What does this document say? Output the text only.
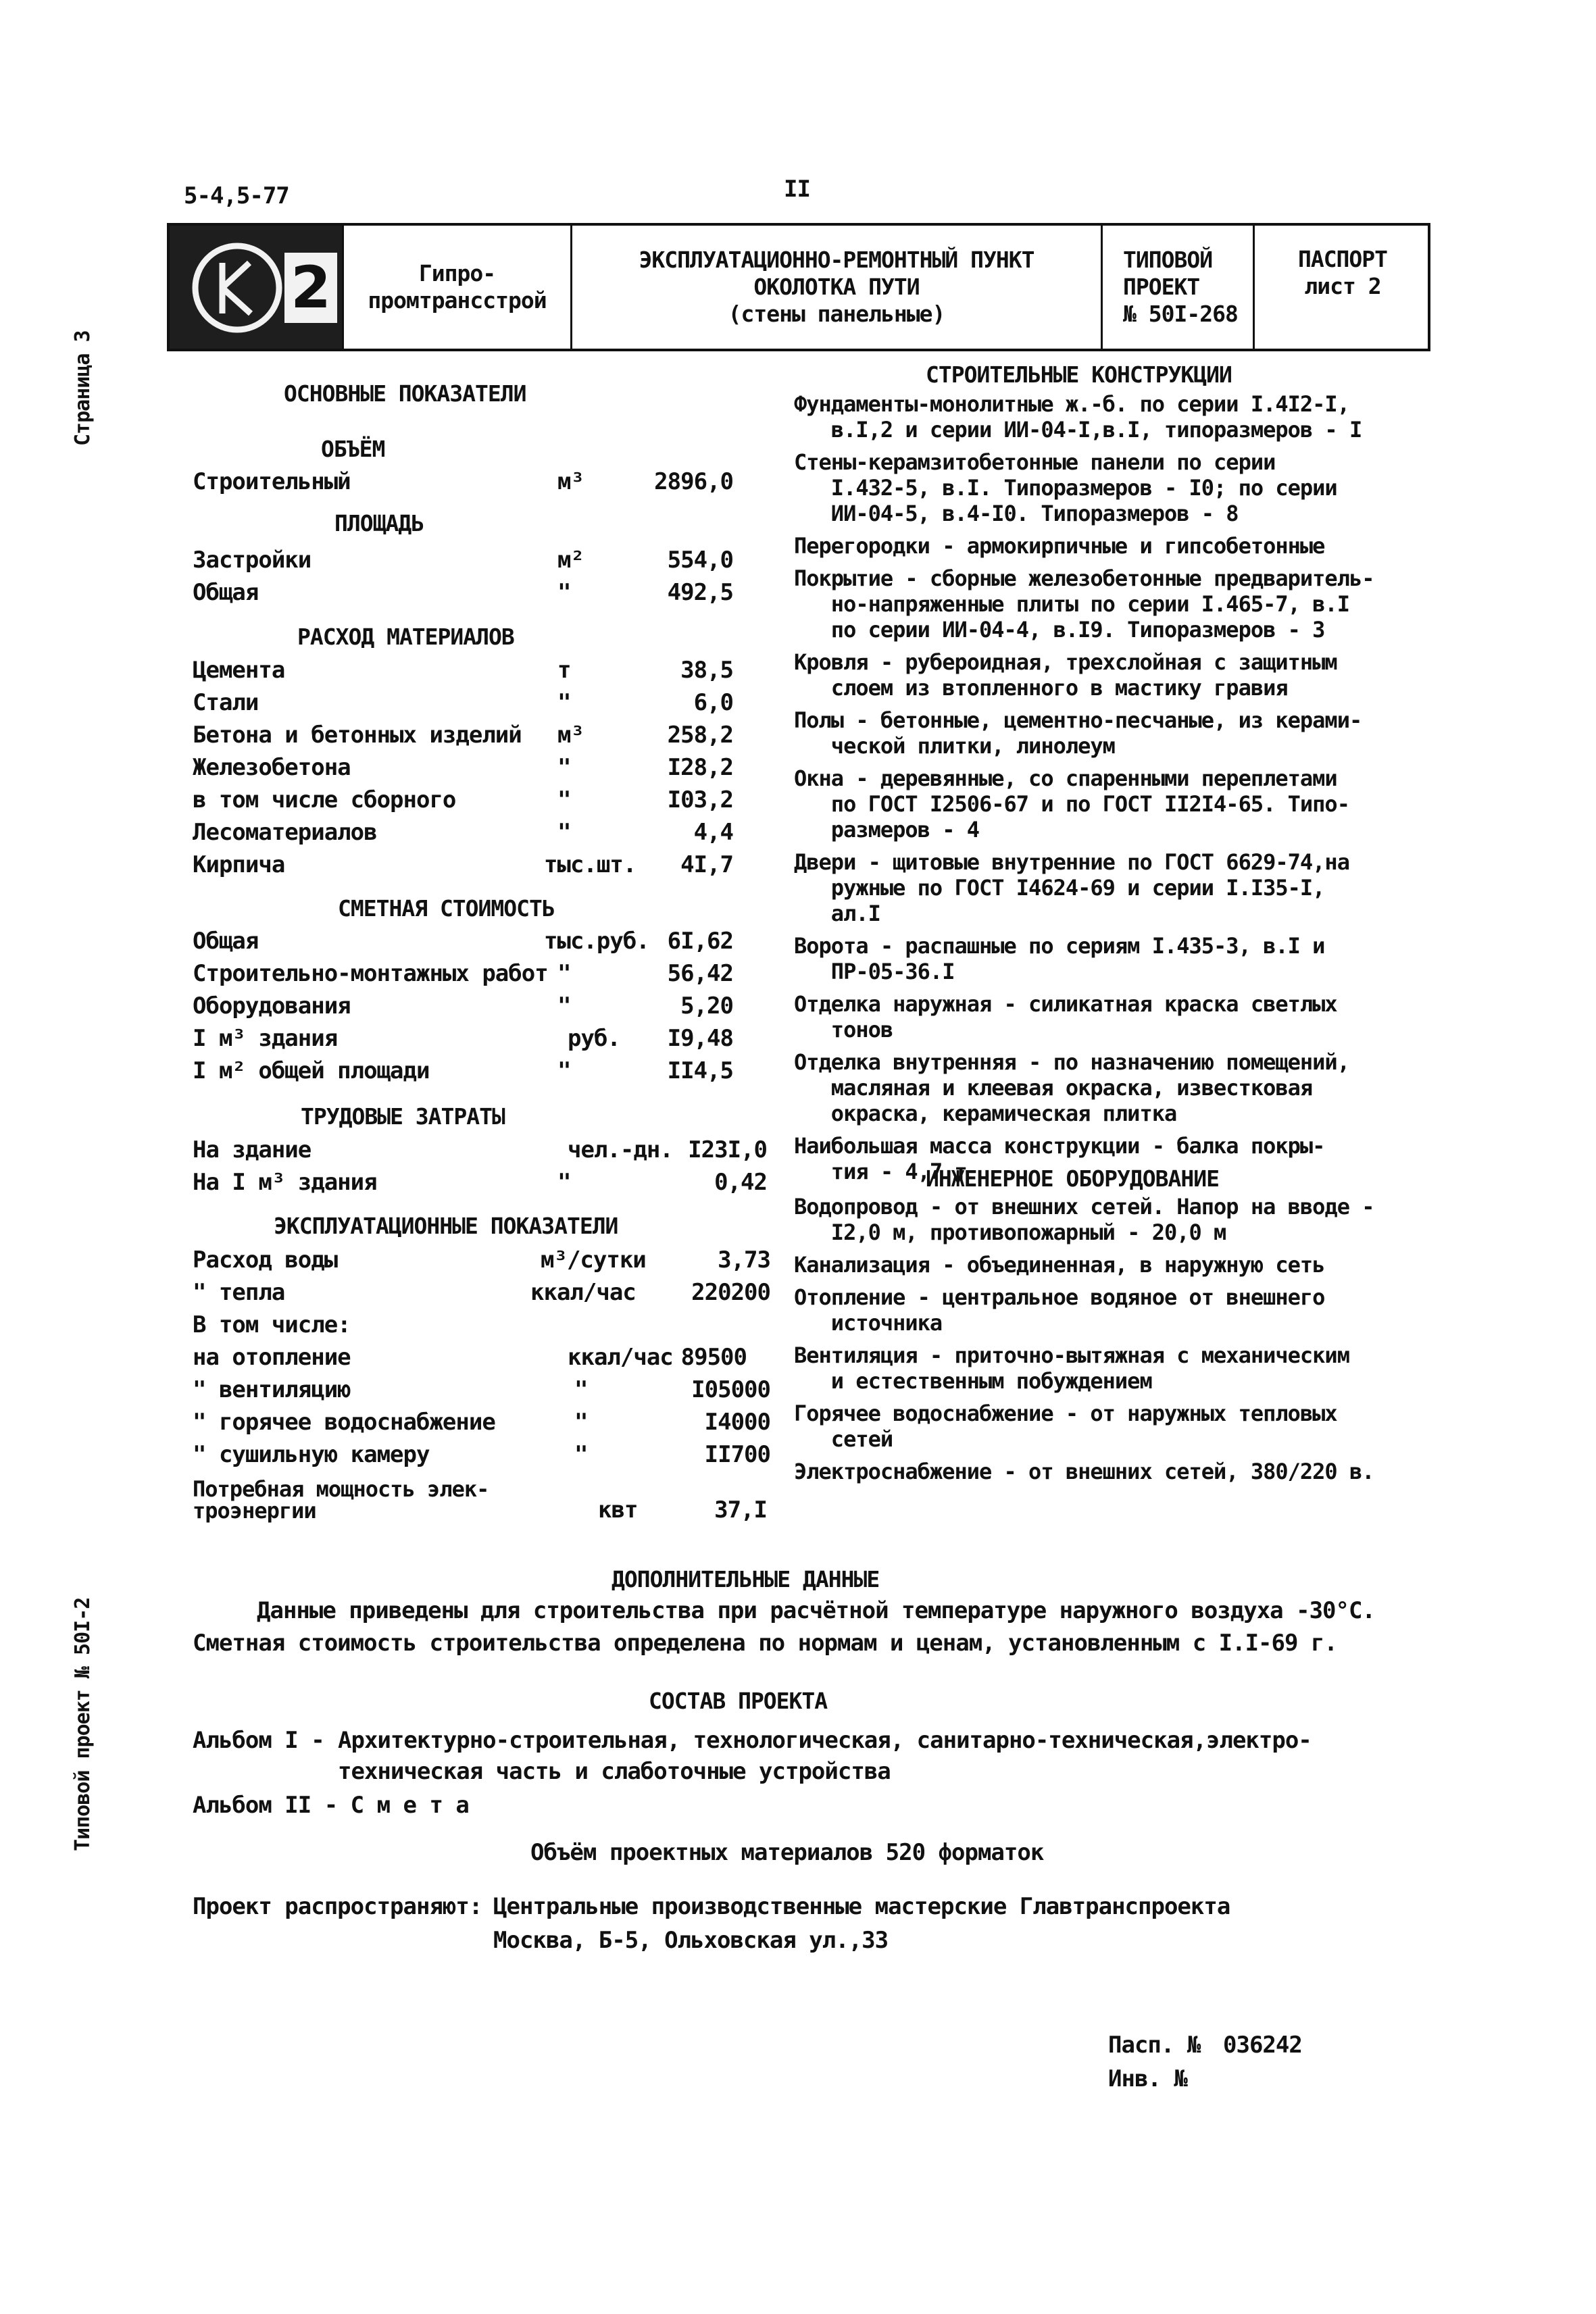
5-4,5-77	II
Страница 3
Типовой проект № 50I-2
2	Гипро-
промтрансстрой
ЭКСПЛУАТАЦИОННО-РЕМОНТНЫЙ ПУНКТ
ОКОЛОТКА ПУТИ
(стены панельные)
ТИПОВОЙ
ПРОЕКТ
№ 50I-268
ПАСПОРТ
лист 2
ОСНОВНЫЕ ПОКАЗАТЕЛИ
ОБЪЁМ
Строительный	м³	2896,0
ПЛОЩАДЬ
Застройки	м²	554,0
Общая	"	492,5
РАСХОД МАТЕРИАЛОВ
Цемента	т	38,5
Стали	"	6,0
Бетона и бетонных изделий м³	258,2
Железобетона	"	I28,2
в том числе сборного	"	I03,2
Лесоматериалов	"	4,4
Кирпича	тыс.шт.	4I,7
СМЕТНАЯ СТОИМОСТЬ
Общая	тыс.руб. 6I,62
Строительно-монтажных работ "	56,42
Оборудования	"	5,20
I м³ здания	руб.	I9,48
I м² общей площади	"	II4,5
ТРУДОВЫЕ ЗАТРАТЫ
На здание	чел.-дн. I23I,0
На I м³ здания	"	0,42
ЭКСПЛУАТАЦИОННЫЕ ПОКАЗАТЕЛИ
Расход воды	м³/сутки	3,73
" тепла	ккал/час	220200
В том числе:
на отопление	ккал/час 89500
" вентиляцию	"	I05000
" горячее водоснабжение	"	I4000
" сушильную камеру	"	II700
Потребная мощность элек-
троэнергии	квт	37,I
СТРОИТЕЛЬНЫЕ КОНСТРУКЦИИ
Фундаменты-монолитные ж.-б. по серии I.4I2-I,
в.I,2 и серии ИИ-04-I,в.I, типоразмеров - I
Стены-керамзитобетонные панели по серии
I.432-5, в.I. Типоразмеров - I0; по серии
ИИ-04-5, в.4-I0. Типоразмеров - 8
Перегородки - армокирпичные и гипсобетонные
Покрытие - сборные железобетонные предваритель-
но-напряженные плиты по серии I.465-7, в.I
по серии ИИ-04-4, в.I9. Типоразмеров - 3
Кровля - рубероидная, трехслойная с защитным
слоем из втопленного в мастику гравия
Полы - бетонные, цементно-песчаные, из керами-
ческой плитки, линолеум
Окна - деревянные, со спаренными переплетами
по ГОСТ I2506-67 и по ГОСТ II2I4-65. Типо-
размеров - 4
Двери - щитовые внутренние по ГОСТ 6629-74,на
ружные по ГОСТ I4624-69 и серии I.I35-I,
ал.I
Ворота - распашные по сериям I.435-3, в.I и
ПР-05-36.I
Отделка наружная - силикатная краска светлых
тонов
Отделка внутренняя - по назначению помещений,
масляная и клеевая окраска, известковая
окраска, керамическая плитка
Наибольшая масса конструкции - балка покры-
тия - 4,7 т
ИНЖЕНЕРНОЕ ОБОРУДОВАНИЕ
Водопровод - от внешних сетей. Напор на вводе -
I2,0 м, противопожарный - 20,0 м
Канализация - объединенная, в наружную сеть
Отопление - центральное водяное от внешнего
источника
Вентиляция - приточно-вытяжная с механическим
и естественным побуждением
Горячее водоснабжение - от наружных тепловых
сетей
Электроснабжение - от внешних сетей, 380/220 в.
ДОПОЛНИТЕЛЬНЫЕ ДАННЫЕ
Данные приведены для строительства при расчётной температуре наружного воздуха -30°С.
Сметная стоимость строительства определена по нормам и ценам, установленным с I.I-69 г.
СОСТАВ ПРОЕКТА
Альбом I - Архитектурно-строительная, технологическая, санитарно-техническая,электро-
техническая часть и слаботочные устройства
Альбом II - С м е т а
Объём проектных материалов 520 форматок
Проект распространяют: Центральные производственные мастерские Главтранспроекта
Москва, Б-5, Ольховская ул.,33
Пасп. № 036242
Инв. №
